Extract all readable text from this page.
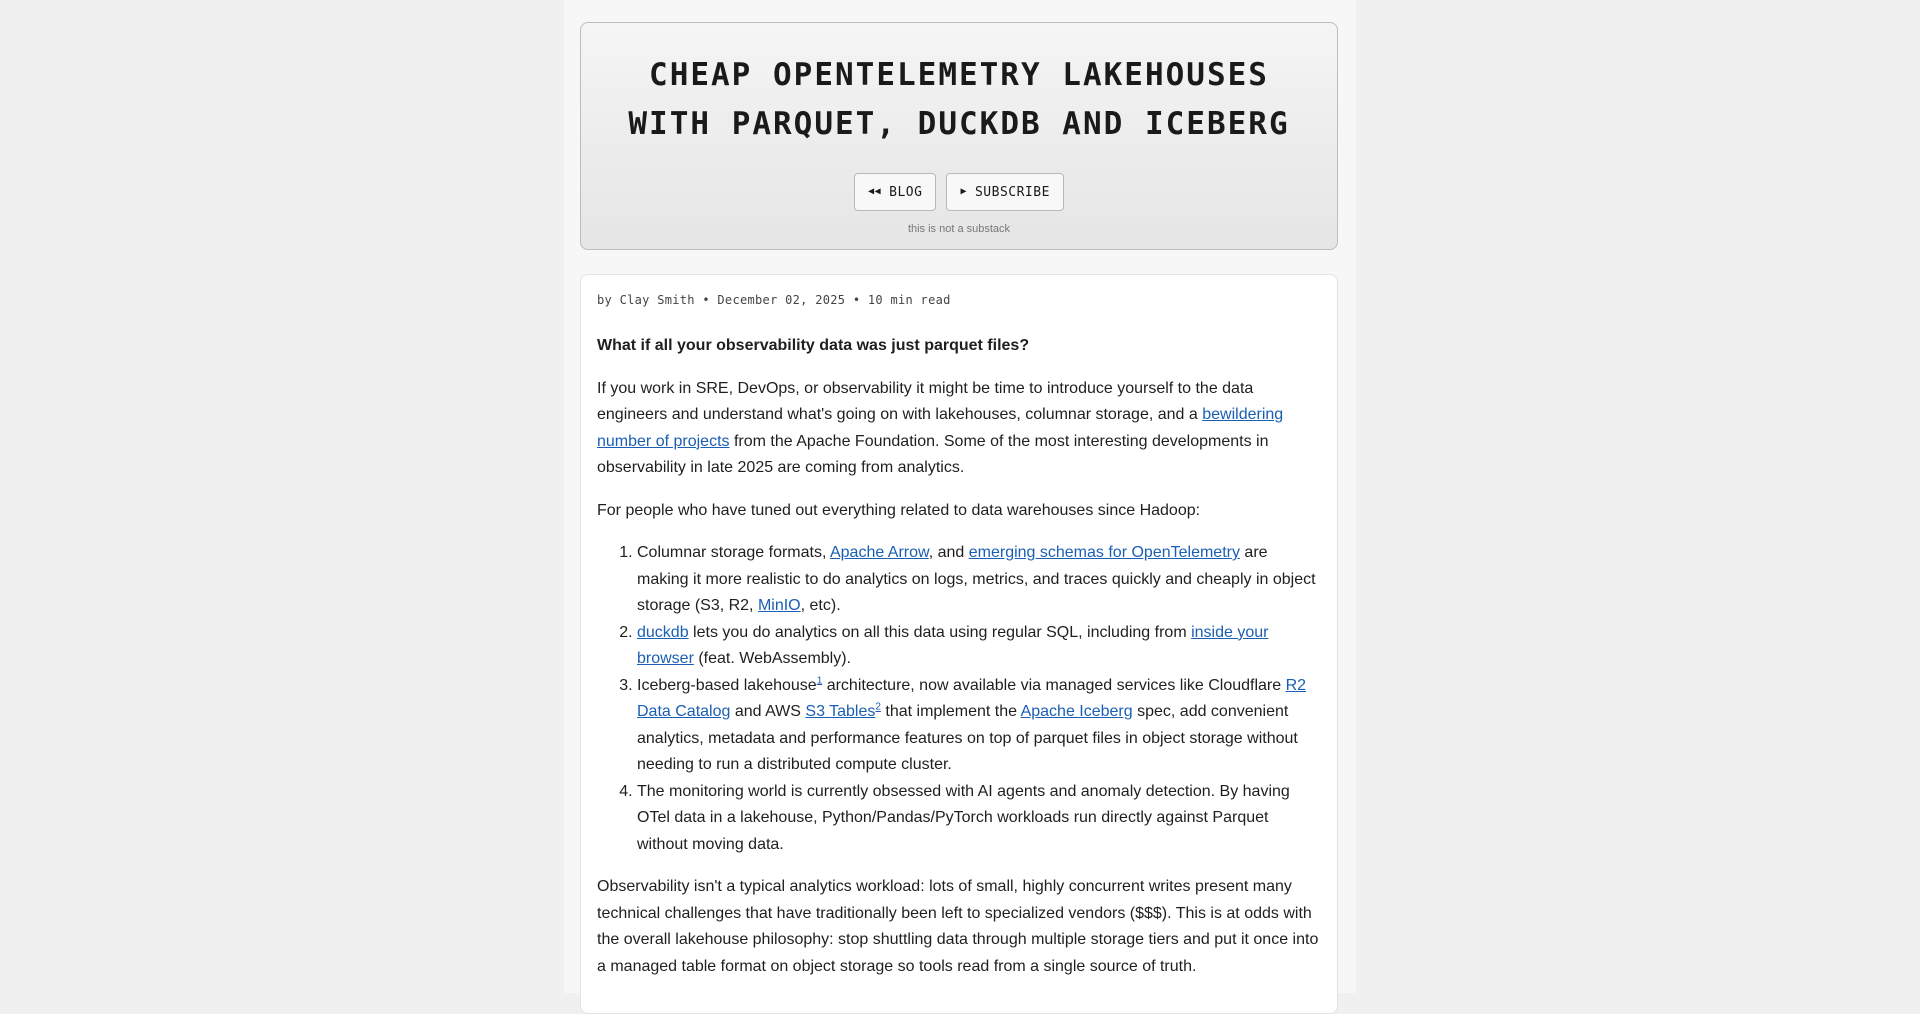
CHEAP OPENTELEMETRY LAKEHOUSES WITH PARQUET, DUCKDB AND ICEBERG
◀◀ BLOG	▶ SUBSCRIBE
this is not a substack
by Clay Smith • December 02, 2025 • 10 min read

What if all your observability data was just parquet files?

If you work in SRE, DevOps, or observability it might be time to introduce yourself to the data engineers and understand what's going on with lakehouses, columnar storage, and a bewildering number of projects from the Apache Foundation. Some of the most interesting developments in observability in late 2025 are coming from analytics.

For people who have tuned out everything related to data warehouses since Hadoop:

1. Columnar storage formats, Apache Arrow, and emerging schemas for OpenTelemetry are making it more realistic to do analytics on logs, metrics, and traces quickly and cheaply in object storage (S3, R2, MinIO, etc).
2. duckdb lets you do analytics on all this data using regular SQL, including from inside your browser (feat. WebAssembly).
3. Iceberg-based lakehouse$^1$ architecture, now available via managed services like Cloudflare R2 Data Catalog and AWS S3 Tables$^2$ that implement the Apache Iceberg spec, add convenient analytics, metadata and performance features on top of parquet files in object storage without needing to run a distributed compute cluster.
4. The monitoring world is currently obsessed with AI agents and anomaly detection. By having OTel data in a lakehouse, Python/Pandas/PyTorch workloads run directly against Parquet without moving data.

Observability isn't a typical analytics workload: lots of small, highly concurrent writes present many technical challenges that have traditionally been left to specialized vendors ($$$). This is at odds with the overall lakehouse philosophy: stop shuttling data through multiple storage tiers and put it once into a managed table format on object storage so tools read from a single source of truth.
